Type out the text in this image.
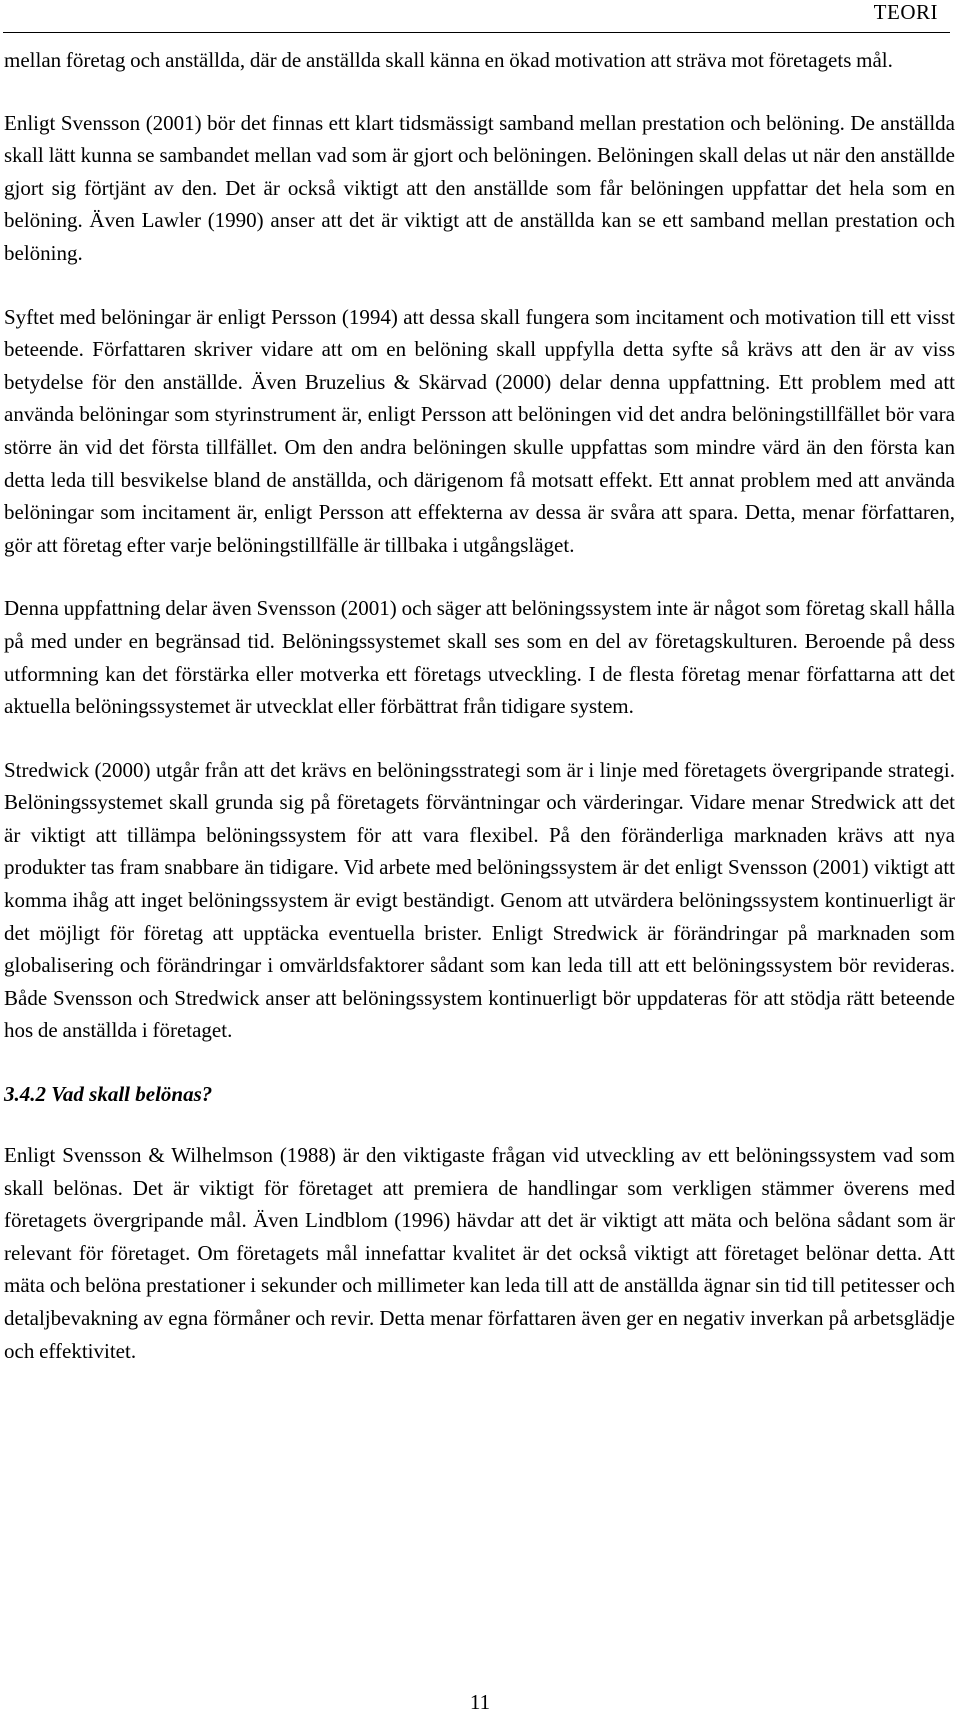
TEORI

mellan företag och anställda, där de anställda skall känna en ökad motivation att sträva mot företagets mål.

Enligt Svensson (2001) bör det finnas ett klart tidsmässigt samband mellan prestation och belöning. De anställda skall lätt kunna se sambandet mellan vad som är gjort och belöningen. Belöningen skall delas ut när den anställde gjort sig förtjänt av den. Det är också viktigt att den anställde som får belöningen uppfattar det hela som en belöning. Även Lawler (1990) anser att det är viktigt att de anställda kan se ett samband mellan prestation och belöning.

Syftet med belöningar är enligt Persson (1994) att dessa skall fungera som incitament och motivation till ett visst beteende. Författaren skriver vidare att om en belöning skall uppfylla detta syfte så krävs att den är av viss betydelse för den anställde. Även Bruzelius & Skärvad (2000) delar denna uppfattning. Ett problem med att använda belöningar som styrinstrument är, enligt Persson att belöningen vid det andra belöningstillfället bör vara större än vid det första tillfället. Om den andra belöningen skulle uppfattas som mindre värd än den första kan detta leda till besvikelse bland de anställda, och därigenom få motsatt effekt. Ett annat problem med att använda belöningar som incitament är, enligt Persson att effekterna av dessa är svåra att spara. Detta, menar författaren, gör att företag efter varje belöningstillfälle är tillbaka i utgångsläget.

Denna uppfattning delar även Svensson (2001) och säger att belöningssystem inte är något som företag skall hålla på med under en begränsad tid. Belöningssystemet skall ses som en del av företagskulturen. Beroende på dess utformning kan det förstärka eller motverka ett företags utveckling. I de flesta företag menar författarna att det aktuella belöningssystemet är utvecklat eller förbättrat från tidigare system.

Stredwick (2000) utgår från att det krävs en belöningsstrategi som är i linje med företagets övergripande strategi. Belöningssystemet skall grunda sig på företagets förväntningar och värderingar. Vidare menar Stredwick att det är viktigt att tillämpa belöningssystem för att vara flexibel. På den föränderliga marknaden krävs att nya produkter tas fram snabbare än tidigare. Vid arbete med belöningssystem är det enligt Svensson (2001) viktigt att komma ihåg att inget belöningssystem är evigt beständigt. Genom att utvärdera belöningssystem kontinuerligt är det möjligt för företag att upptäcka eventuella brister. Enligt Stredwick är förändringar på marknaden som globalisering och förändringar i omvärldsfaktorer sådant som kan leda till att ett belöningssystem bör revideras. Både Svensson och Stredwick anser att belöningssystem kontinuerligt bör uppdateras för att stödja rätt beteende hos de anställda i företaget.

3.4.2 Vad skall belönas?

Enligt Svensson & Wilhelmson (1988) är den viktigaste frågan vid utveckling av ett belöningssystem vad som skall belönas. Det är viktigt för företaget att premiera de handlingar som verkligen stämmer överens med företagets övergripande mål. Även Lindblom (1996) hävdar att det är viktigt att mäta och belöna sådant som är relevant för företaget. Om företagets mål innefattar kvalitet är det också viktigt att företaget belönar detta. Att mäta och belöna prestationer i sekunder och millimeter kan leda till att de anställda ägnar sin tid till petitesser och detaljbevakning av egna förmåner och revir. Detta menar författaren även ger en negativ inverkan på arbetsglädje och effektivitet.

11
